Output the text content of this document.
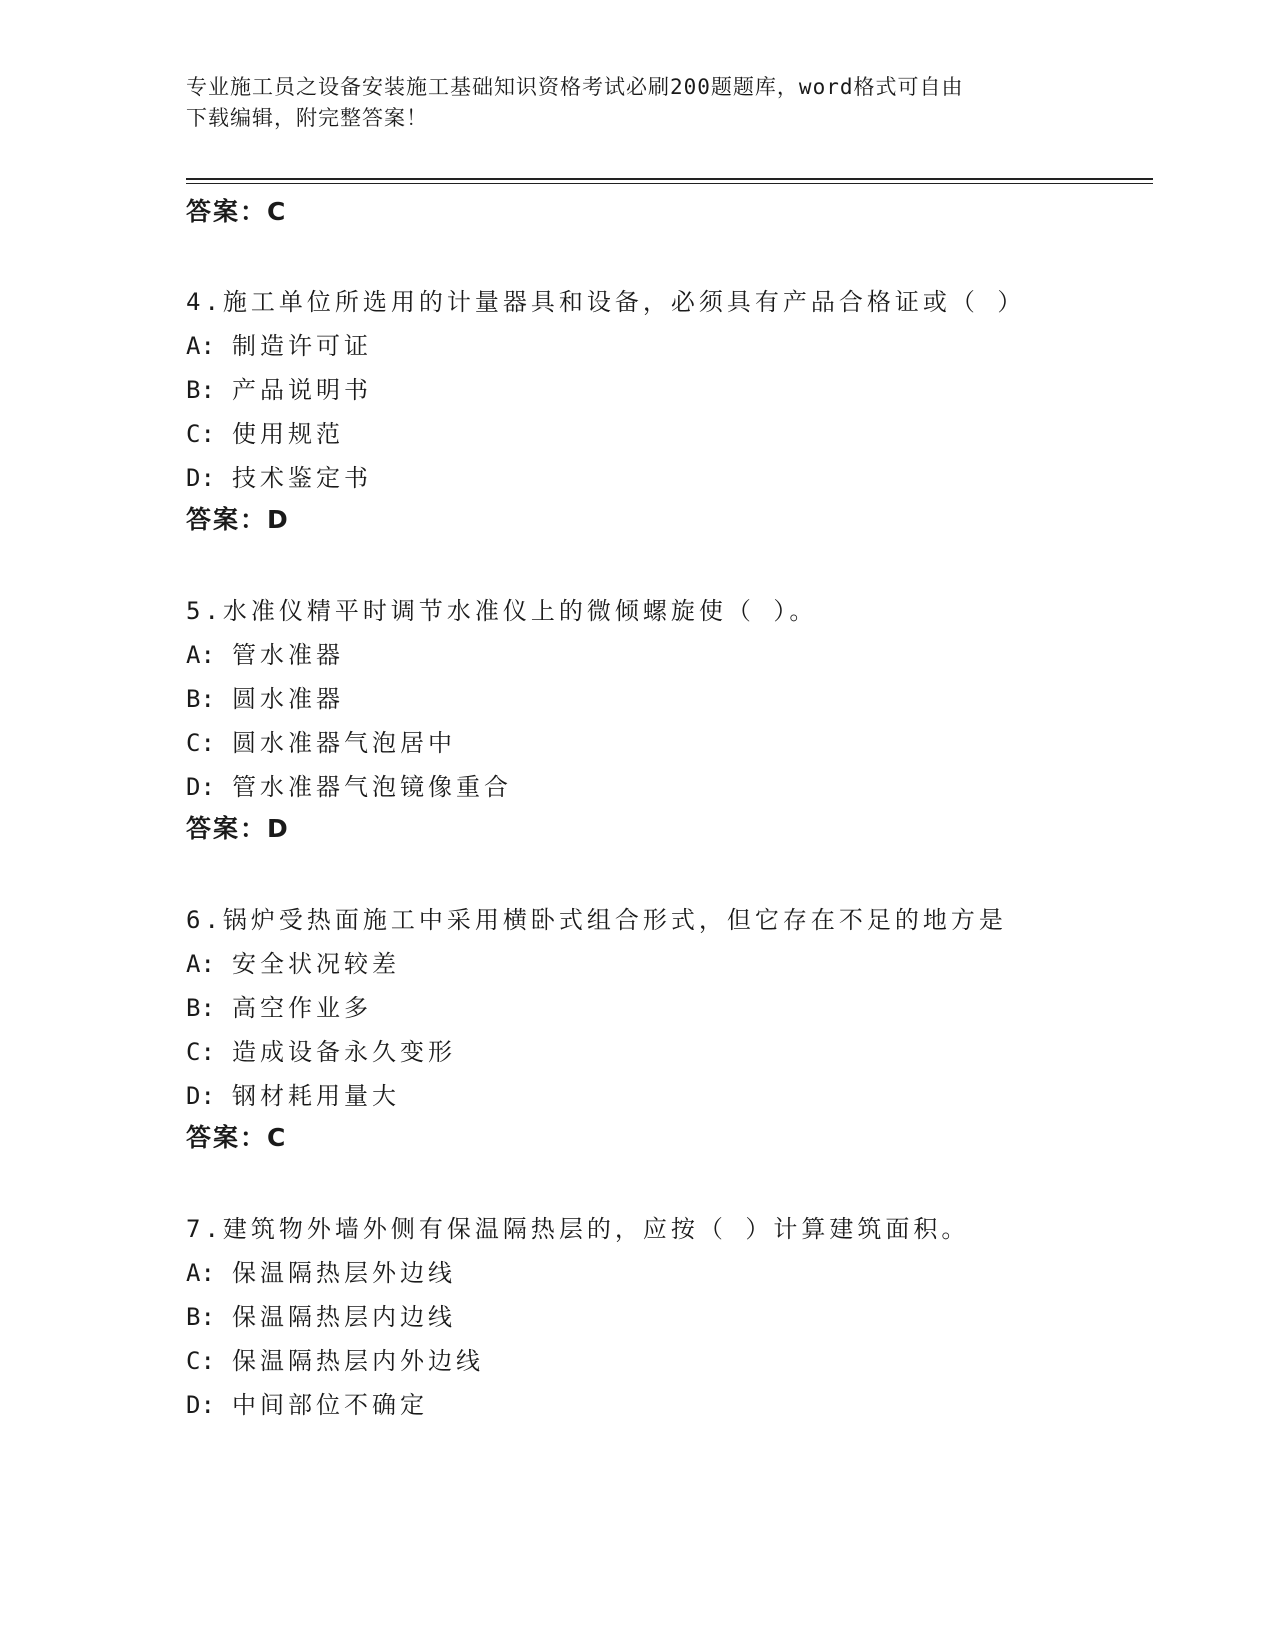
专业施工员之设备安装施工基础知识资格考试必刷200题题库，word格式可自由
下载编辑，附完整答案！
答案：C
4.施工单位所选用的计量器具和设备，必须具有产品合格证或（ ）
A: 制造许可证
B: 产品说明书
C: 使用规范
D: 技术鉴定书
答案：D
5.水准仪精平时调节水准仪上的微倾螺旋使（ ）。
A: 管水准器
B: 圆水准器
C: 圆水准器气泡居中
D: 管水准器气泡镜像重合
答案：D
6.锅炉受热面施工中采用横卧式组合形式，但它存在不足的地方是
A: 安全状况较差
B: 高空作业多
C: 造成设备永久变形
D: 钢材耗用量大
答案：C
7.建筑物外墙外侧有保温隔热层的，应按（ ）计算建筑面积。
A: 保温隔热层外边线
B: 保温隔热层内边线
C: 保温隔热层内外边线
D: 中间部位不确定
